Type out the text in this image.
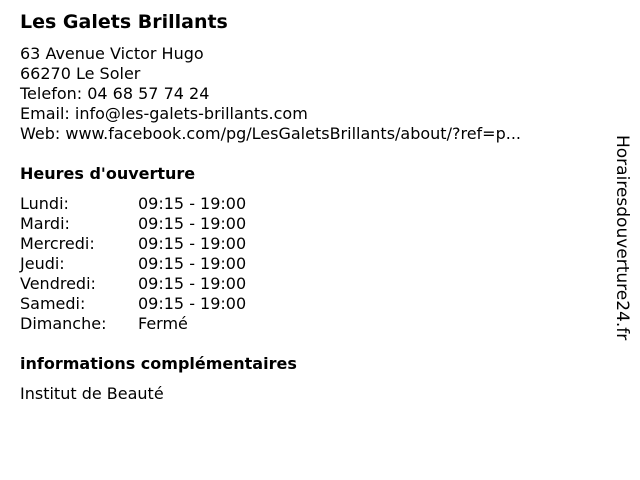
Les Galets Brillants
63 Avenue Victor Hugo
66270 Le Soler
Telefon: 04 68 57 74 24
Email: info@les-galets-brillants.com
Web: www.facebook.com/pg/LesGaletsBrillants/about/?ref=p...
Heures d'ouverture
Lundi:	09:15 - 19:00
Mardi:	09:15 - 19:00
Mercredi:	09:15 - 19:00
Jeudi:	09:15 - 19:00
Vendredi:	09:15 - 19:00
Samedi:	09:15 - 19:00
Dimanche: Fermé
informations complémentaires
Institut de Beauté
Horairesdouverture24.fr
